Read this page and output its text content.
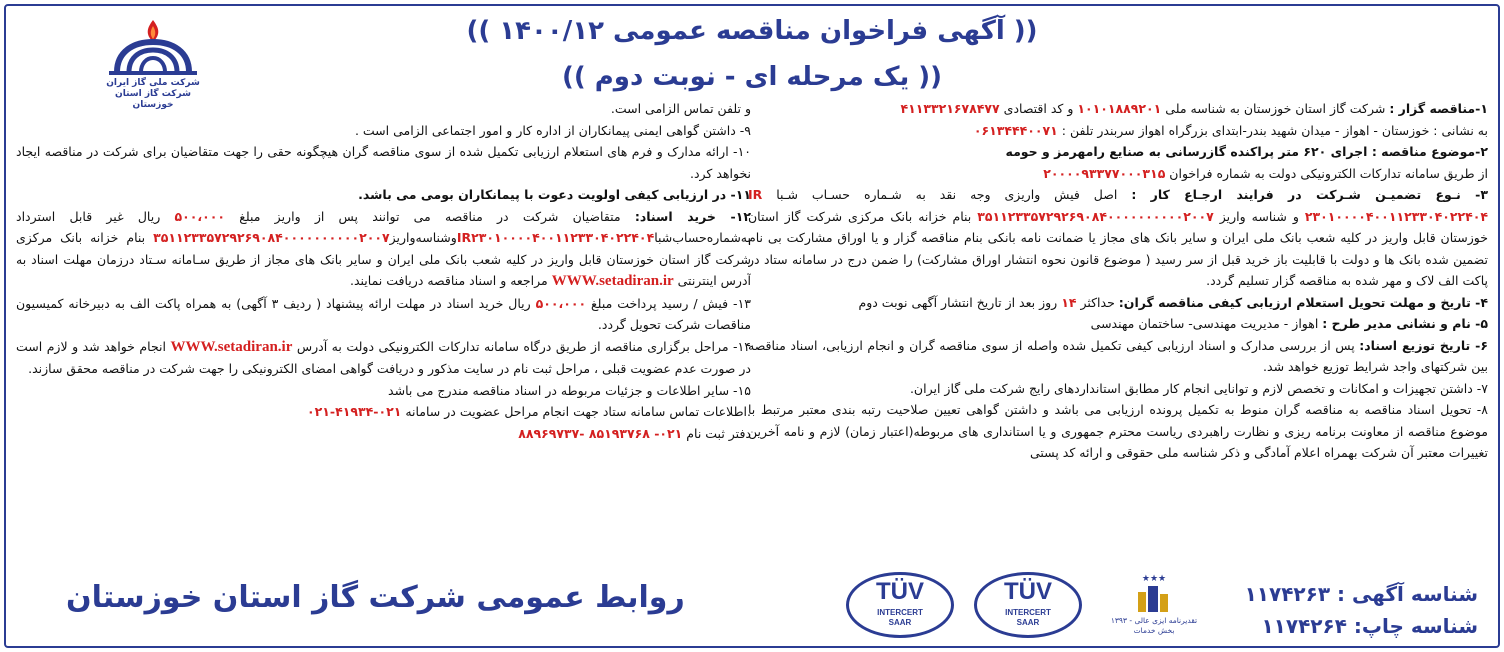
شرکت ملی گاز ایران
شرکت گاز استان خوزستان
(( آگهی فراخوان مناقصه عمومی ۱۴۰۰/۱۲ ))
(( یک مرحله ای - نوبت دوم ))

۱-مناقصه گزار : شرکت گاز استان خوزستان به شناسه ملی ۱۰۱۰۱۸۸۹۲۰۱ و کد اقتصادی ۴۱۱۳۳۲۱۶۷۸۴۷۷

به نشانی : خوزستان - اهواز - میدان شهید بندر-ابتدای بزرگراه اهواز سربندر تلفن : ۰۶۱۳۴۴۴۰۰۷۱

۲-موضوع مناقصه : اجرای ۶۲۰ متر پراکنده گازرسانی به صنایع رامهرمز و حومه

از طریق سامانه تدارکات الکترونیکی دولت به شماره فراخوان ۲۰۰۰۰۹۳۳۷۷۰۰۰۳۱۵

۳- نـوع تضمیـن شـرکت در فرایند ارجـاع کار : اصل فیش واریزی وجه نقد به شـماره حسـاب شـبا IR ۲۳۰۱۰۰۰۰۴۰۰۱۱۲۳۳۰۴۰۲۲۴۰۴ و شناسه واریز ۳۵۱۱۲۳۳۵۷۲۹۲۶۹۰۸۴۰۰۰۰۰۰۰۰۰۰۲۰۰۷ بنام خزانه بانک مرکزی شرکت گاز استان خوزستان قابل واریز در کلیه شعب بانک ملی ایران و سایر بانک های مجاز یا ضمانت نامه بانکی بنام مناقصه گزار و یا اوراق مشارکت بی نام تضمین شده بانک ها و دولت با قابلیت باز خرید قبل از سر رسید ( موضوع قانون نحوه انتشار اوراق مشارکت) را ضمن درج در سامانه ستاد در پاکت الف لاک و مهر شده به مناقصه گزار تسلیم گردد.

۴- تاریخ و مهلت تحویل استعلام ارزیابی کیفی مناقصه گران: حداکثر ۱۴ روز بعد از تاریخ انتشار آگهی نوبت دوم

۵- نام و نشانی مدیر طرح : اهواز - مدیریت مهندسی- ساختمان مهندسی

۶- تاریخ توزیع اسناد: پس از بررسی مدارک و اسناد ارزیابی کیفی تکمیل شده واصله از سوی مناقصه گران و انجام ارزیابی، اسناد مناقصه بین شرکتهای واجد شرایط توزیع خواهد شد.

۷- داشتن تجهیزات و امکانات و تخصص لازم و توانایی انجام کار مطابق استانداردهای رایج شرکت ملی گاز ایران.

۸- تحویل اسناد مناقصه به مناقصه گران منوط به تکمیل پرونده ارزیابی می باشد و داشتن گواهی تعیین صلاحیت رتبه بندی معتبر مرتبط با موضوع مناقصه از معاونت برنامه ریزی و نظارت راهبردی ریاست محترم جمهوری و یا استانداری های مربوطه(اعتبار زمان) لازم و نامه آخرین تغییرات معتبر آن شرکت بهمراه اعلام آمادگی و ذکر شناسه ملی حقوقی و ارائه کد پستی

و تلفن تماس الزامی است.

۹- داشتن گواهی ایمنی پیمانکاران از اداره کار و امور اجتماعی الزامی است .

۱۰- ارائه مدارک و فرم های استعلام ارزیابی تکمیل شده از سوی مناقصه گران هیچگونه حقی را جهت متقاضیان برای شرکت در مناقصه ایجاد نخواهد کرد.

۱۱- در ارزیابی کیفی اولویت دعوت با پیمانکاران بومی می باشد.

۱۲- خرید اسناد: متقاضیان شرکت در مناقصه می توانند پس از واریز مبلغ ۵۰۰،۰۰۰ ریال غیر قابل استرداد به‌شماره‌حساب‌شباIR۲۳۰۱۰۰۰۰۴۰۰۱۱۲۳۳۰۴۰۲۲۴۰۴وشناسه‌واریز۳۵۱۱۲۳۳۵۷۲۹۲۶۹۰۸۴۰۰۰۰۰۰۰۰۰۰۲۰۰۷ بنام خزانه بانک مرکزی شرکت گاز استان خوزستان قابل واریز در کلیه شعب بانک ملی ایران و سایر بانک های مجاز از طریق سـامانه سـتاد درزمان مهلت اسناد به آدرس اینترنتی WWW.setadiran.ir مراجعه و اسناد مناقصه دریافت نمایند.

۱۳- فیش / رسید پرداخت مبلغ ۵۰۰،۰۰۰ ریال خرید اسناد در مهلت ارائه پیشنهاد ( ردیف ۳ آگهی) به همراه پاکت الف به دبیرخانه کمیسیون مناقصات شرکت تحویل گردد.

۱۴- مراحل برگزاری مناقصه از طریق درگاه سامانه تدارکات الکترونیکی دولت به آدرس WWW.setadiran.ir انجام خواهد شد و لازم است در صورت عدم عضویت قبلی ، مراحل ثبت نام در سایت مذکور و دریافت گواهی امضای الکترونیکی را جهت شرکت در مناقصه محقق سازند.

۱۵- سایر اطلاعات و جزئیات مربوطه در اسناد مناقصه مندرج می باشد

.اطلاعات تماس سامانه ستاد جهت انجام مراحل عضویت در سامانه ۰۲۱-۴۱۹۳۴-۰۲۱

دفتر ثبت نام ۰۲۱- ۸۵۱۹۳۷۶۸ -۸۸۹۶۹۷۳۷

شناسه آگهی : ۱۱۷۴۲۶۳
شناسه چاپ: ۱۱۷۴۲۶۴
TÜV
INTERCERT
SAAR
TÜV
INTERCERT
SAAR
★★★
تقدیرنامه ایزی عالی - ۱۳۹۳
بخش خدمات
روابط عمومی شرکت گاز استان خوزستان
